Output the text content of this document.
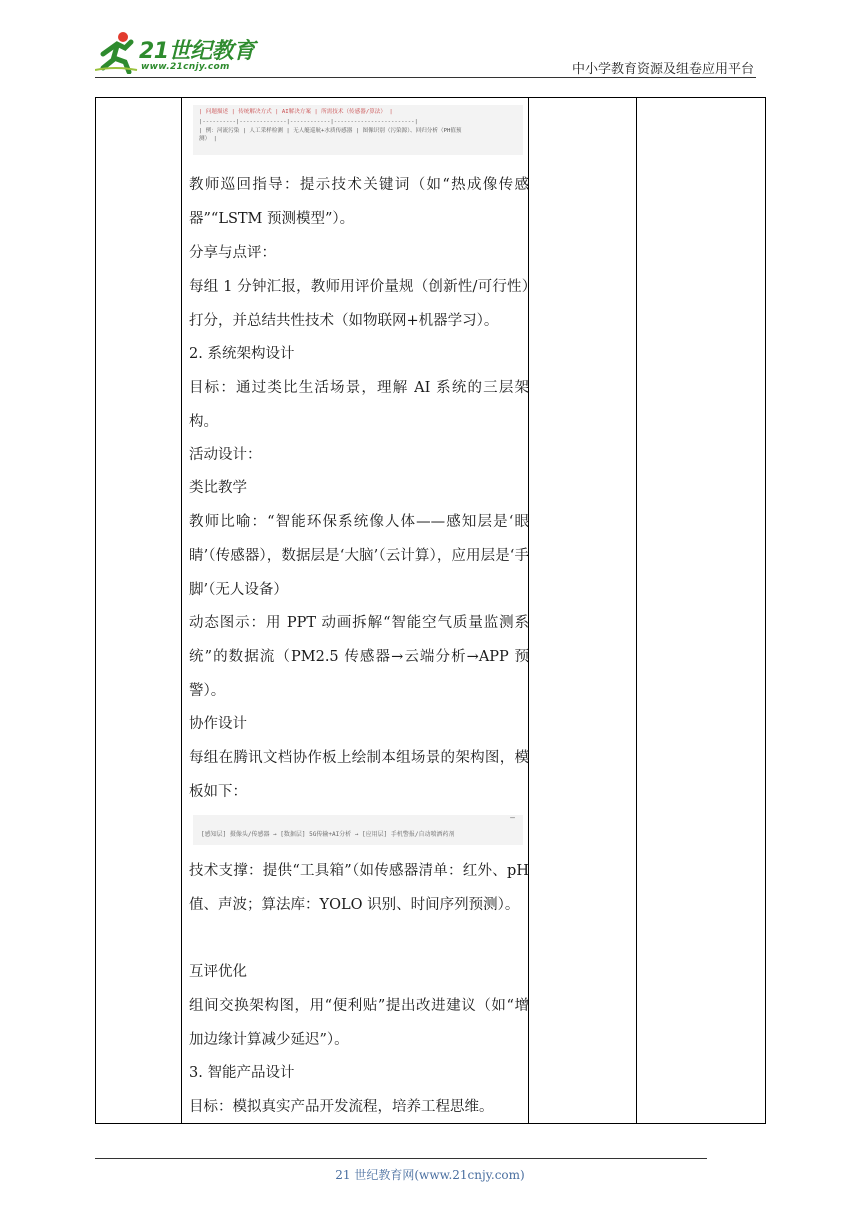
21世纪教育
www.21cnjy.com	中小学教育资源及组卷应用平台
| 问题描述 | 传统解决方式 | AI解决方案 | 所需技术（传感器/算法） |
|----------|--------------|------------|------------------------|
| 例：河流污染 | 人工采样检测 | 无人艇巡航+水质传感器 | 图像识别（污染源）、回归分析（PH值预
测） |

教师巡回指导：提示技术关键词（如“热成像传感器”“LSTM 预测模型”）。

分享与点评：

每组 1 分钟汇报，教师用评价量规（创新性/可行性）打分，并总结共性技术（如物联网+机器学习）。

2. 系统架构设计

目标：通过类比生活场景，理解 AI 系统的三层架构。

活动设计：

类比教学

教师比喻：“智能环保系统像人体——感知层是‘眼睛’（传感器），数据层是‘大脑’（云计算），应用层是‘手脚’（无人设备）

动态图示：用 PPT 动画拆解“智能空气质量监测系统”的数据流（PM2.5 传感器→云端分析→APP 预警）。

协作设计

每组在腾讯文档协作板上绘制本组场景的架构图，模板如下：

–
[感知层] 摄像头/传感器 → [数据层] 5G传输+AI分析 → [应用层] 手机警报/自动喷洒药剂

技术支撑：提供“工具箱”（如传感器清单：红外、pH 值、声波；算法库：YOLO 识别、时间序列预测）。

互评优化

组间交换架构图，用“便利贴”提出改进建议（如“增加边缘计算减少延迟”）。

3. 智能产品设计

目标：模拟真实产品开发流程，培养工程思维。

21 世纪教育网(www.21cnjy.com)
